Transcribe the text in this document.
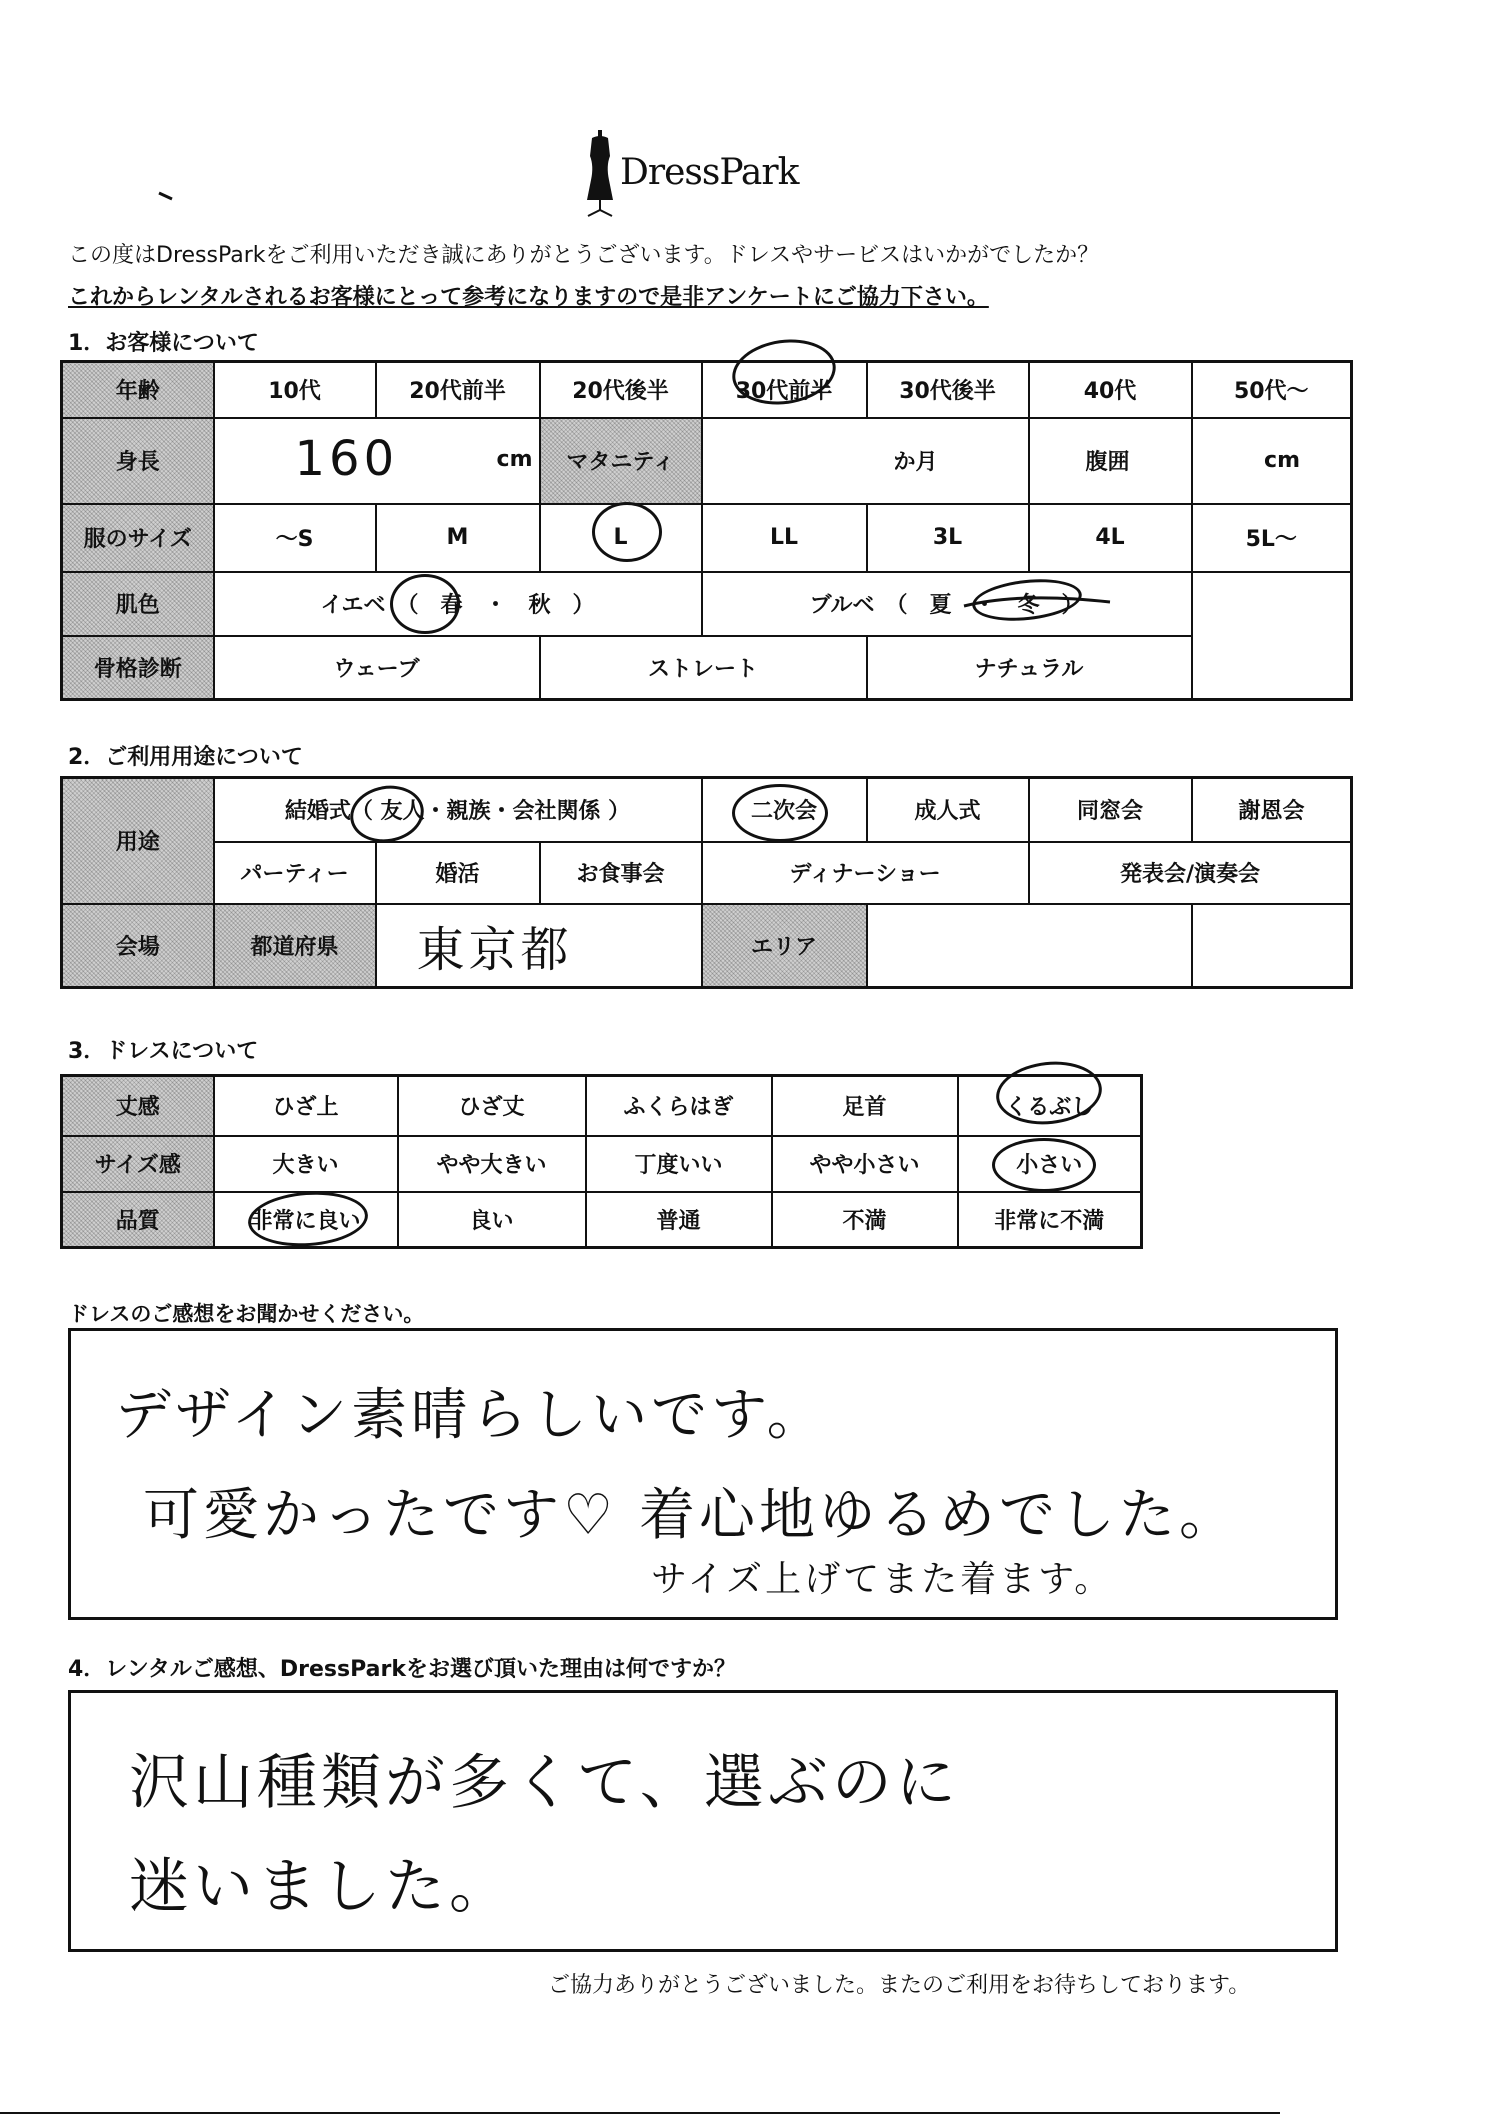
DressPark
この度はDressParkをご利用いただき誠にありがとうございます。ドレスやサービスはいかがでしたか？
これからレンタルされるお客様にとって参考になりますので是非アンケートにご協力下さい。
1．お客様について
年齢	10代	20代前半	20代後半	30代前半	30代後半	40代	50代～
身長	160 cm		マタニティ	か月		腹囲	cm
服のサイズ	～S	M	L	LL	3L	4L	5L～
肌色	イエベ　（　春　・　秋　）			ブルベ　（　夏　・　冬　）			
骨格診断	ウェーブ		ストレート		ナチュラル		
2．ご利用用途について
用途	結婚式（ 友人・親族・会社関係 ）			二次会	成人式	同窓会	謝恩会	
	パーティー	婚活	お食事会	ディナーショー		発表会/演奏会		
会場	都道府県	東京都		エリア				
3．ドレスについて
丈感	ひざ上	ひざ丈	ふくらはぎ	足首	くるぶし
サイズ感	大きい	やや大きい	丁度いい	やや小さい	小さい
品質	非常に良い	良い	普通	不満	非常に不満
ドレスのご感想をお聞かせください。
デザイン素晴らしいです。
可愛かったです♡ 着心地ゆるめでした。
サイズ上げてまた着ます。
4．レンタルご感想、DressParkをお選び頂いた理由は何ですか？
沢山種類が多くて、選ぶのに
迷いました。
ご協力ありがとうございました。またのご利用をお待ちしております。
